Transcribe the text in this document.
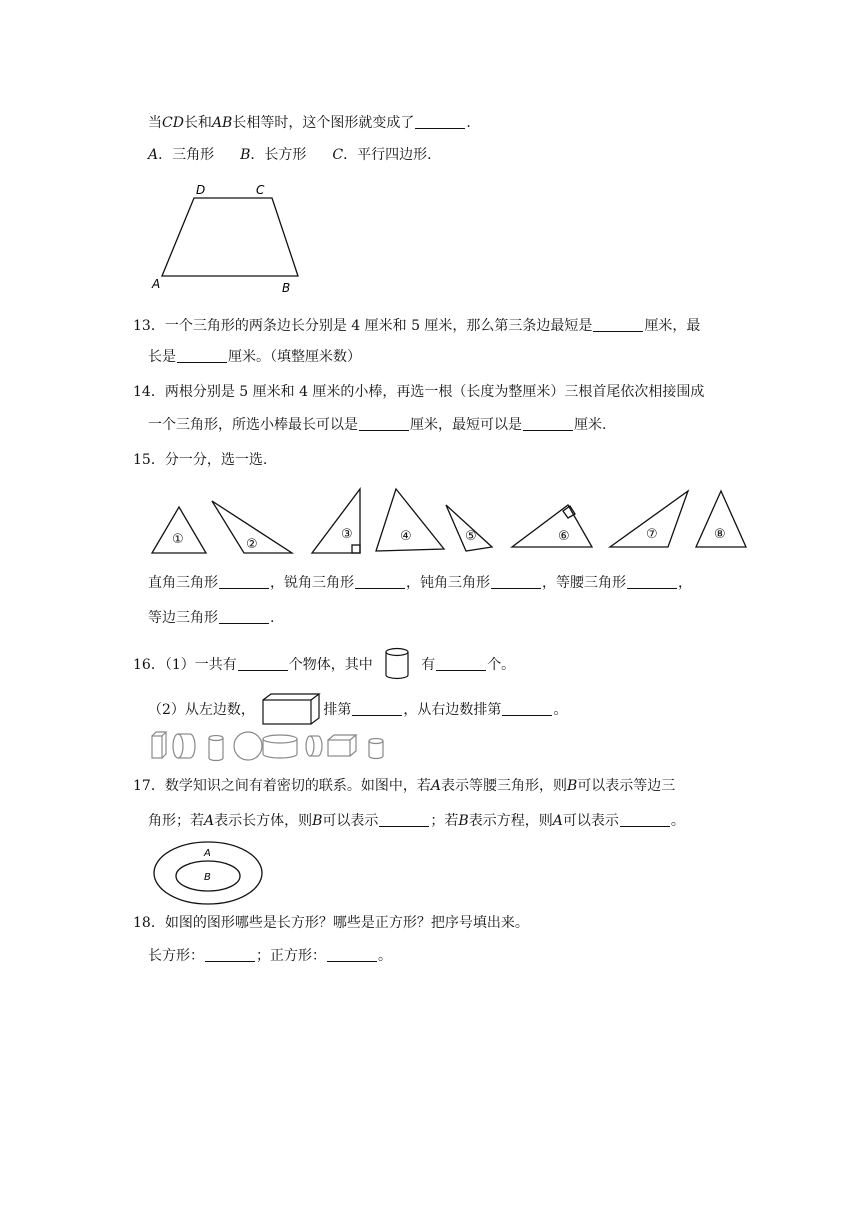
当CD长和AB长相等时，这个图形就变成了	.
A．三角形 B．长方形 C．平行四边形.
D	C
A	B
13．一个三角形的两条边长分别是 4 厘米和 5 厘米，那么第三条边最短是	厘米，最
长是	厘米。（填整厘米数）
14．两根分别是 5 厘米和 4 厘米的小棒，再选一根（长度为整厘米）三根首尾依次相接围成
一个三角形，所选小棒最长可以是	厘米，最短可以是	厘米.
15．分一分，选一选.
①	②
③	④	⑤	⑥	⑦	⑧
直角三角形	，锐角三角形	，钝角三角形	，等腰三角形	，
等边三角形	.
16．（1）一共有	个物体，其中	有	个。
（2）从左边数，	排第	，从右边数排第	。
17．数学知识之间有着密切的联系。如图中，若A表示等腰三角形，则B可以表示等边三
角形；若A表示长方体，则B可以表示	；若B表示方程，则A可以表示	。
A
B
18．如图的图形哪些是长方形？哪些是正方形？把序号填出来。
长方形：	；正方形：	。
